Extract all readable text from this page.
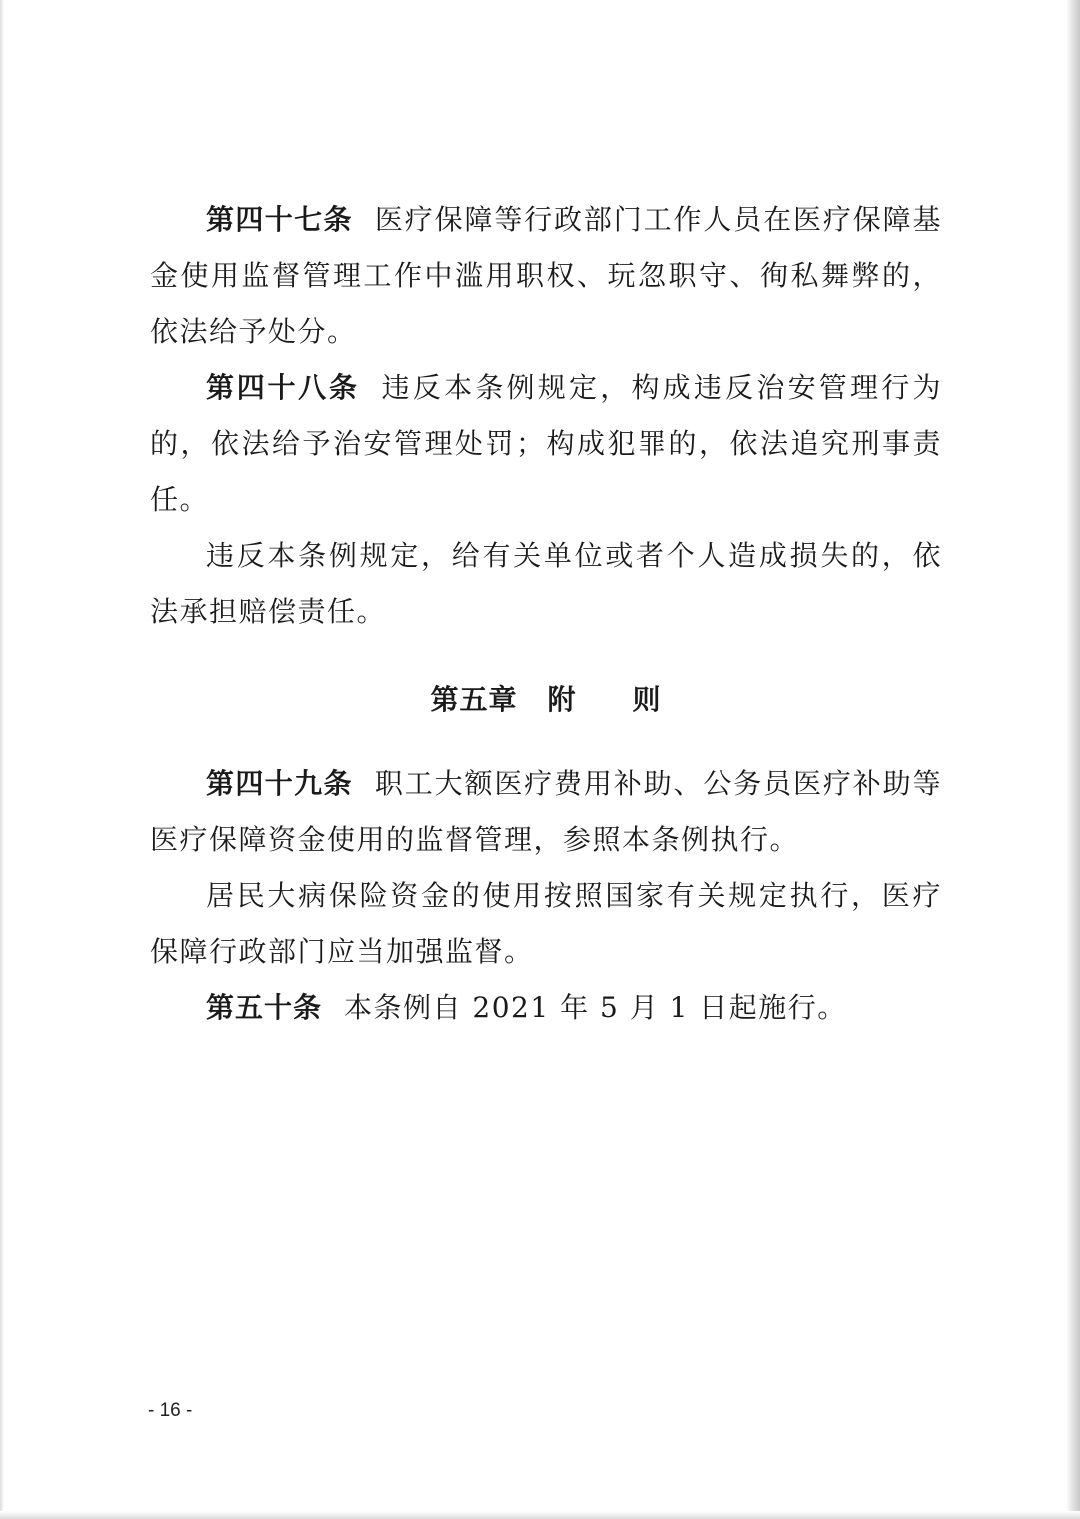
第四十七条 医疗保障等行政部门工作人员在医疗保障基金使用监督管理工作中滥用职权、玩忽职守、徇私舞弊的，依法给予处分。

第四十八条 违反本条例规定，构成违反治安管理行为的，依法给予治安管理处罚；构成犯罪的，依法追究刑事责任。

违反本条例规定，给有关单位或者个人造成损失的，依法承担赔偿责任。

第五章 附 则

第四十九条 职工大额医疗费用补助、公务员医疗补助等医疗保障资金使用的监督管理，参照本条例执行。

居民大病保险资金的使用按照国家有关规定执行，医疗保障行政部门应当加强监督。

第五十条 本条例自 2021 年 5 月 1 日起施行。

- 16 -
